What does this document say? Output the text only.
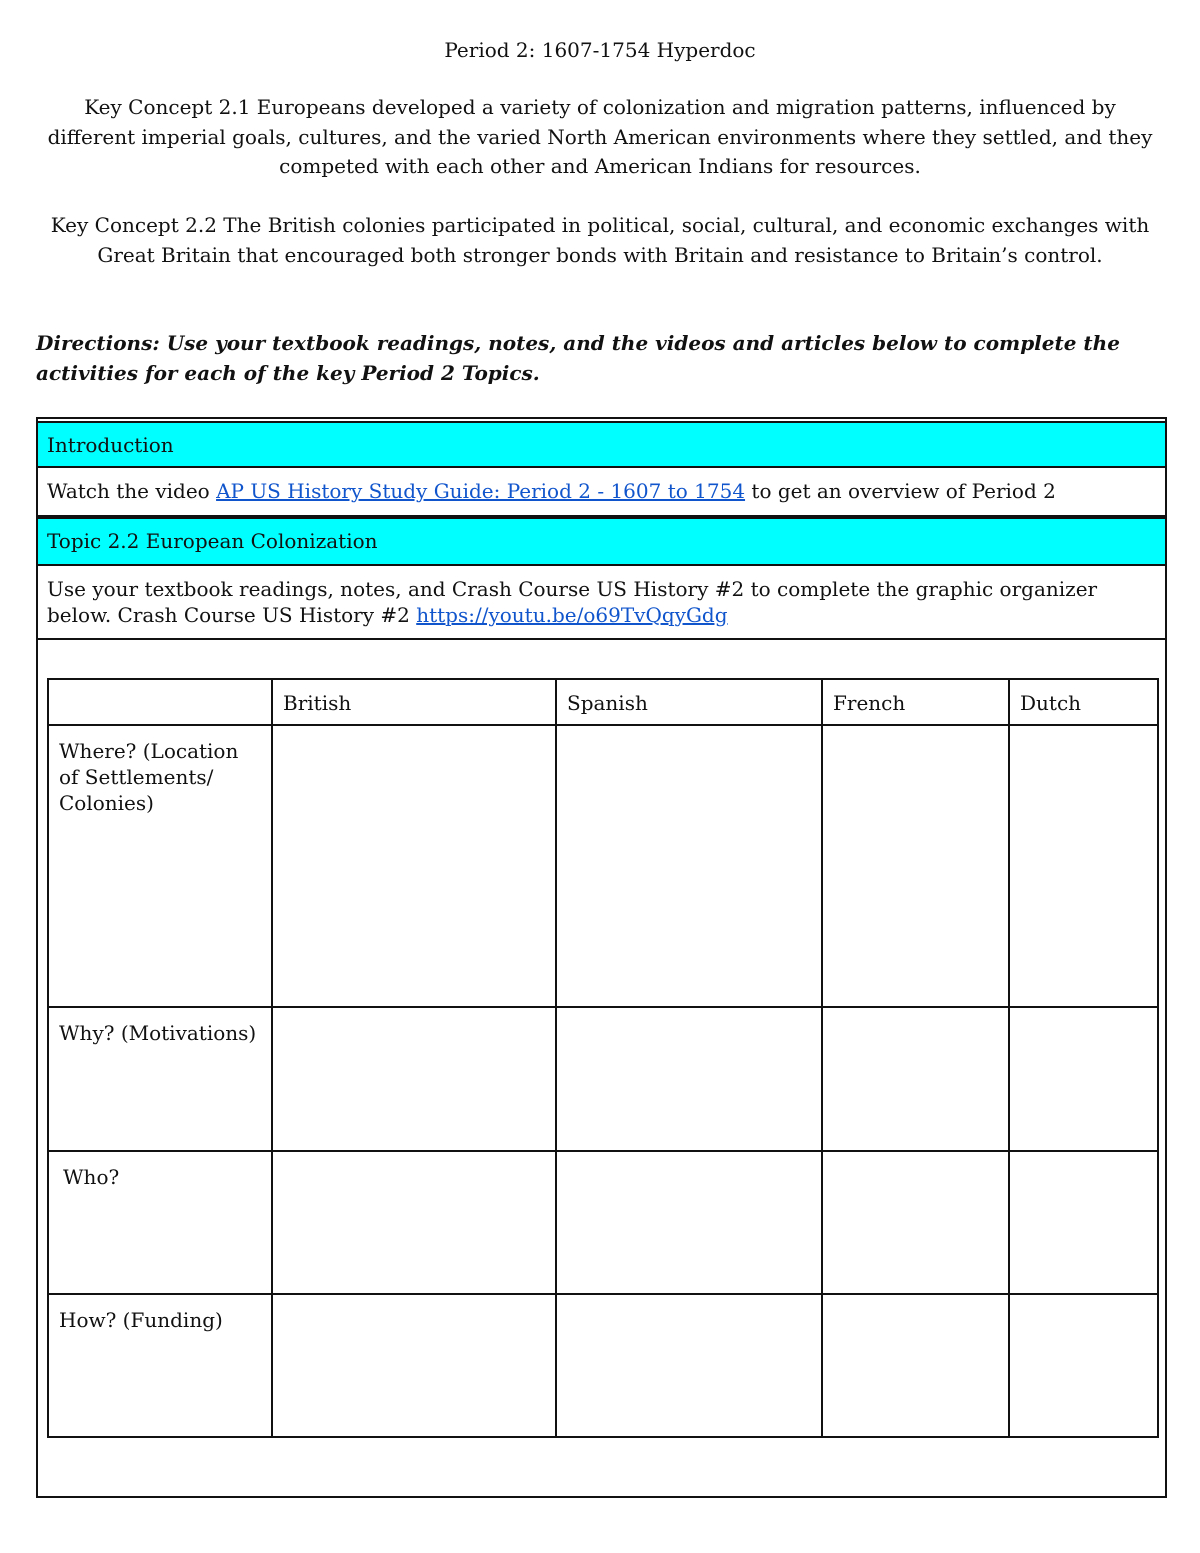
Period 2: 1607-1754 Hyperdoc
Key Concept 2.1 Europeans developed a variety of colonization and migration patterns, influenced by different imperial goals, cultures, and the varied North American environments where they settled, and they competed with each other and American Indians for resources.
Key Concept 2.2 The British colonies participated in political, social, cultural, and economic exchanges with Great Britain that encouraged both stronger bonds with Britain and resistance to Britain’s control.
Directions: Use your textbook readings, notes, and the videos and articles below to complete the activities for each of the key Period 2 Topics.
Introduction
Watch the video AP US History Study Guide: Period 2 - 1607 to 1754 to get an overview of Period 2
Topic 2.2 European Colonization
Use your textbook readings, notes, and Crash Course US History #2 to complete the graphic organizer below. Crash Course US History #2 https://youtu.be/o69TvQqyGdg
	British	Spanish	French	Dutch
Where? (Location of Settlements/ Colonies)				
Why? (Motivations)				
Who?				
How? (Funding)				
